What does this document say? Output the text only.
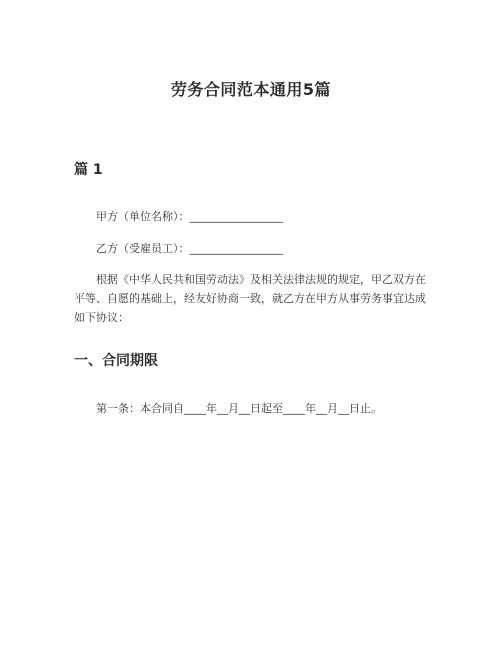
劳务合同范本通用5篇
篇 1
甲方（单位名称）：_________________
乙方（受雇员工）：_________________
根据《中华人民共和国劳动法》及相关法律法规的规定，甲乙双方在平等、自愿的基础上，经友好协商一致，就乙方在甲方从事劳务事宜达成如下协议：
一、合同期限
第一条：本合同自____年__月__日起至____年__月__日止。
